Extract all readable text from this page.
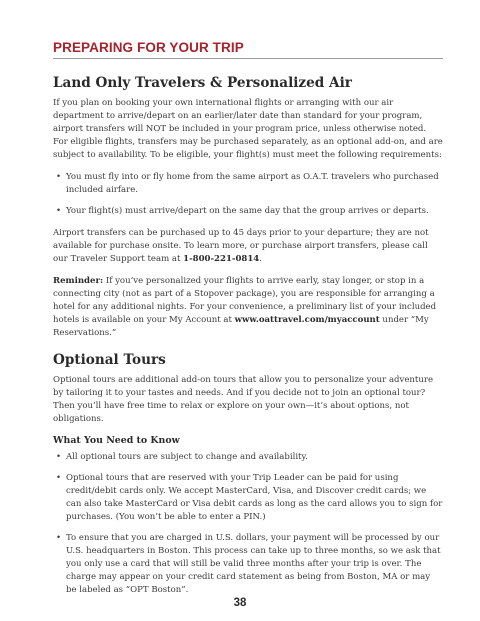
PREPARING FOR YOUR TRIP
Land Only Travelers & Personalized Air

If you plan on booking your own international flights or arranging with our air department to arrive/depart on an earlier/later date than standard for your program, airport transfers will NOT be included in your program price, unless otherwise noted. For eligible flights, transfers may be purchased separately, as an optional add-on, and are subject to availability. To be eligible, your flight(s) must meet the following requirements:

• You must fly into or fly home from the same airport as O.A.T. travelers who purchased included airfare.
• Your flight(s) must arrive/depart on the same day that the group arrives or departs.

Airport transfers can be purchased up to 45 days prior to your departure; they are not available for purchase onsite. To learn more, or purchase airport transfers, please call our Traveler Support team at 1-800-221-0814.

Reminder: If you’ve personalized your flights to arrive early, stay longer, or stop in a connecting city (not as part of a Stopover package), you are responsible for arranging a hotel for any additional nights. For your convenience, a preliminary list of your included hotels is available on your My Account at www.oattravel.com/myaccount under “My Reservations.”

Optional Tours

Optional tours are additional add-on tours that allow you to personalize your adventure by tailoring it to your tastes and needs. And if you decide not to join an optional tour? Then you’ll have free time to relax or explore on your own—it’s about options, not obligations.

What You Need to Know
• All optional tours are subject to change and availability.
• Optional tours that are reserved with your Trip Leader can be paid for using credit/debit cards only. We accept MasterCard, Visa, and Discover credit cards; we can also take MasterCard or Visa debit cards as long as the card allows you to sign for purchases. (You won’t be able to enter a PIN.)
• To ensure that you are charged in U.S. dollars, your payment will be processed by our U.S. headquarters in Boston. This process can take up to three months, so we ask that you only use a card that will still be valid three months after your trip is over. The charge may appear on your credit card statement as being from Boston, MA or may be labeled as “OPT Boston”.
38
